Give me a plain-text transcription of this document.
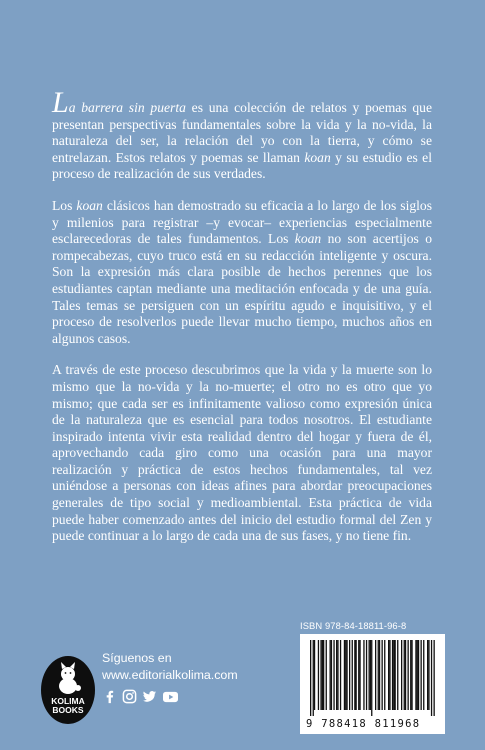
La barrera sin puerta es una colección de relatos y poemas que presentan perspectivas fundamentales sobre la vida y la no-vida, la naturaleza del ser, la relación del yo con la tierra, y cómo se entrelazan. Estos relatos y poemas se llaman koan y su estudio es el proceso de realización de sus verdades.

Los koan clásicos han demostrado su eficacia a lo largo de los siglos y milenios para registrar –y evocar– experiencias especialmente esclarecedoras de tales fundamentos. Los koan no son acertijos o rompecabezas, cuyo truco está en su redacción inteligente y oscura. Son la expresión más clara posible de hechos perennes que los estudiantes captan mediante una meditación enfocada y de una guía. Tales temas se persiguen con un espíritu agudo e inquisitivo, y el proceso de resolverlos puede llevar mucho tiempo, muchos años en algunos casos.

A través de este proceso descubrimos que la vida y la muerte son lo mismo que la no-vida y la no-muerte; el otro no es otro que yo mismo; que cada ser es infinitamente valioso como expresión única de la naturaleza que es esencial para todos nosotros. El estudiante inspirado intenta vivir esta realidad dentro del hogar y fuera de él, aprovechando cada giro como una ocasión para una mayor realización y práctica de estos hechos fundamentales, tal vez uniéndose a personas con ideas afines para abordar preocupaciones generales de tipo social y medioambiental. Esta práctica de vida puede haber comenzado antes del inicio del estudio formal del Zen y puede continuar a lo largo de cada una de sus fases, y no tiene fin.

KOLIMA
BOOKS
Síguenos en
www.editorialkolima.com
ISBN 978-84-18811-96-8
9 788418 811968
